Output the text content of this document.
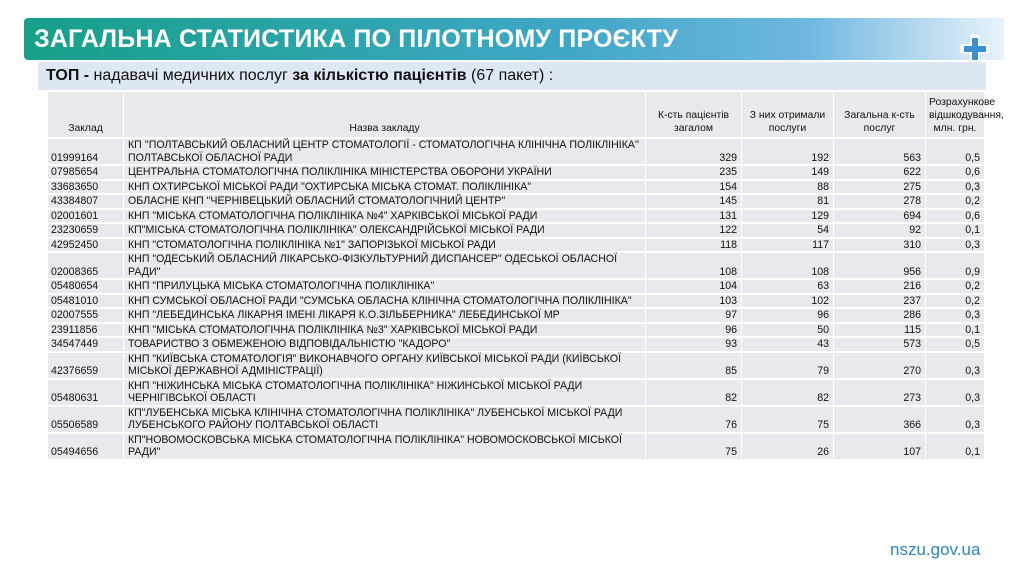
ЗАГАЛЬНА СТАТИСТИКА ПО ПІЛОТНОМУ ПРОЄКТУ
ТОП - надавачі медичних послуг за кількістю пацієнтів (67 пакет) :
Заклад	Назва закладу	К-сть пацієнтів загалом	З них отримали послуги	Загальна к-сть послуг	Розрахункове відшкодування, млн. грн.
01999164	КП ''ПОЛТАВСЬКИЙ ОБЛАСНИЙ ЦЕНТР СТОМАТОЛОГІЇ - СТОМАТОЛОГІЧНА КЛІНІЧНА ПОЛІКЛІНІКА'' ПОЛТАВСЬКОЇ ОБЛАСНОЇ РАДИ	329	192	563	0,5
07985654	ЦЕНТРАЛЬНА СТОМАТОЛОГІЧНА ПОЛІКЛІНІКА МІНІСТЕРСТВА ОБОРОНИ УКРАЇНИ	235	149	622	0,6
33683650	КНП ОХТИРСЬКОЇ МІСЬКОЇ РАДИ "ОХТИРСЬКА МІСЬКА СТОМАТ. ПОЛІКЛІНІКА"	154	88	275	0,3
43384807	ОБЛАСНЕ КНП "ЧЕРНІВЕЦЬКИЙ ОБЛАСНИЙ СТОМАТОЛОГІЧНИЙ ЦЕНТР"	145	81	278	0,2
02001601	КНП "МІСЬКА СТОМАТОЛОГІЧНА ПОЛІКЛІНІКА №4" ХАРКІВСЬКОЇ МІСЬКОЇ РАДИ	131	129	694	0,6
23230659	КП"МІСЬКА СТОМАТОЛОГІЧНА ПОЛІКЛІНІКА" ОЛЕКСАНДРІЙСЬКОЇ МІСЬКОЇ РАДИ	122	54	92	0,1
42952450	КНП "СТОМАТОЛОГІЧНА ПОЛІКЛІНІКА №1" ЗАПОРІЗЬКОЇ МІСЬКОЇ РАДИ	118	117	310	0,3
02008365	КНП "ОДЕСЬКИЙ ОБЛАСНИЙ ЛІКАРСЬКО-ФІЗКУЛЬТУРНИЙ ДИСПАНСЕР" ОДЕСЬКОЇ ОБЛАСНОЇ РАДИ"	108	108	956	0,9
05480654	КНП "ПРИЛУЦЬКА МІСЬКА СТОМАТОЛОГІЧНА ПОЛІКЛІНІКА"	104	63	216	0,2
05481010	КНП СУМСЬКОЇ ОБЛАСНОЇ РАДИ "СУМСЬКА ОБЛАСНА КЛІНІЧНА СТОМАТОЛОГІЧНА ПОЛІКЛІНІКА"	103	102	237	0,2
02007555	КНП "ЛЕБЕДИНСЬКА ЛІКАРНЯ ІМЕНІ ЛІКАРЯ К.О.ЗІЛЬБЕРНИКА" ЛЕБЕДИНСЬКОЇ МР	97	96	286	0,3
23911856	КНП "МІСЬКА СТОМАТОЛОГІЧНА ПОЛІКЛІНІКА №3" ХАРКІВСЬКОЇ МІСЬКОЇ РАДИ	96	50	115	0,1
34547449	ТОВАРИСТВО З ОБМЕЖЕНОЮ ВІДПОВІДАЛЬНІСТЮ "КАДОРО"	93	43	573	0,5
42376659	КНП "КИЇВСЬКА СТОМАТОЛОГІЯ" ВИКОНАВЧОГО ОРГАНУ КИЇВСЬКОЇ МІСЬКОЇ РАДИ (КИЇВСЬКОЇ МІСЬКОЇ ДЕРЖАВНОЇ АДМІНІСТРАЦІЇ)	85	79	270	0,3
05480631	КНП "НІЖИНСЬКА МІСЬКА СТОМАТОЛОГІЧНА ПОЛІКЛІНІКА" НІЖИНСЬКОЇ МІСЬКОЇ РАДИ ЧЕРНІГІВСЬКОЇ ОБЛАСТІ	82	82	273	0,3
05506589	КП"ЛУБЕНСЬКА МІСЬКА КЛІНІЧНА СТОМАТОЛОГІЧНА ПОЛІКЛІНІКА" ЛУБЕНСЬКОЇ МІСЬКОЇ РАДИ ЛУБЕНСЬКОГО РАЙОНУ ПОЛТАВСЬКОЇ ОБЛАСТІ	76	75	366	0,3
05494656	КП"НОВОМОСКОВСЬКА МІСЬКА СТОМАТОЛОГІЧНА ПОЛІКЛІНІКА" НОВОМОСКОВСЬКОЇ МІСЬКОЇ РАДИ"	75	26	107	0,1
nszu.gov.ua
